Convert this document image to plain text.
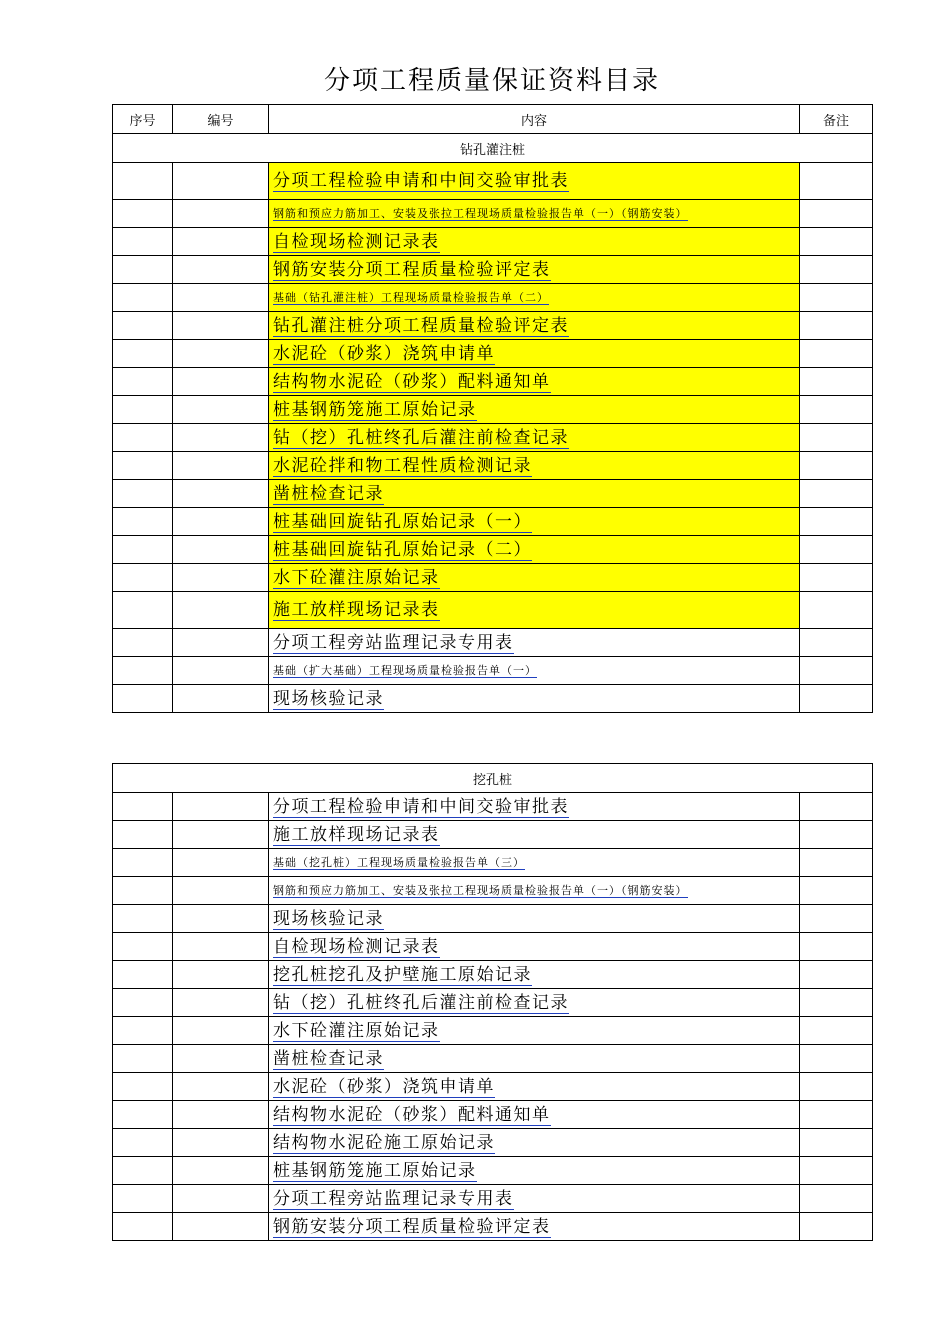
分项工程质量保证资料目录
序号	编号	内容	备注
钻孔灌注桩			
		分项工程检验申请和中间交验审批表	
		钢筋和预应力筋加工、安装及张拉工程现场质量检验报告单（一）（钢筋安装）	
		自检现场检测记录表	
		钢筋安装分项工程质量检验评定表	
		基础（钻孔灌注桩）工程现场质量检验报告单（二）	
		钻孔灌注桩分项工程质量检验评定表	
		水泥砼（砂浆）浇筑申请单	
		结构物水泥砼（砂浆）配料通知单	
		桩基钢筋笼施工原始记录	
		钻（挖）孔桩终孔后灌注前检查记录	
		水泥砼拌和物工程性质检测记录	
		凿桩检查记录	
		桩基础回旋钻孔原始记录（一）	
		桩基础回旋钻孔原始记录（二）	
		水下砼灌注原始记录	
		施工放样现场记录表	
		分项工程旁站监理记录专用表	
		基础（扩大基础）工程现场质量检验报告单（一）	
		现场核验记录	
挖孔桩			
		分项工程检验申请和中间交验审批表	
		施工放样现场记录表	
		基础（挖孔桩）工程现场质量检验报告单（三）	
		钢筋和预应力筋加工、安装及张拉工程现场质量检验报告单（一）（钢筋安装）	
		现场核验记录	
		自检现场检测记录表	
		挖孔桩挖孔及护壁施工原始记录	
		钻（挖）孔桩终孔后灌注前检查记录	
		水下砼灌注原始记录	
		凿桩检查记录	
		水泥砼（砂浆）浇筑申请单	
		结构物水泥砼（砂浆）配料通知单	
		结构物水泥砼施工原始记录	
		桩基钢筋笼施工原始记录	
		分项工程旁站监理记录专用表	
		钢筋安装分项工程质量检验评定表	
